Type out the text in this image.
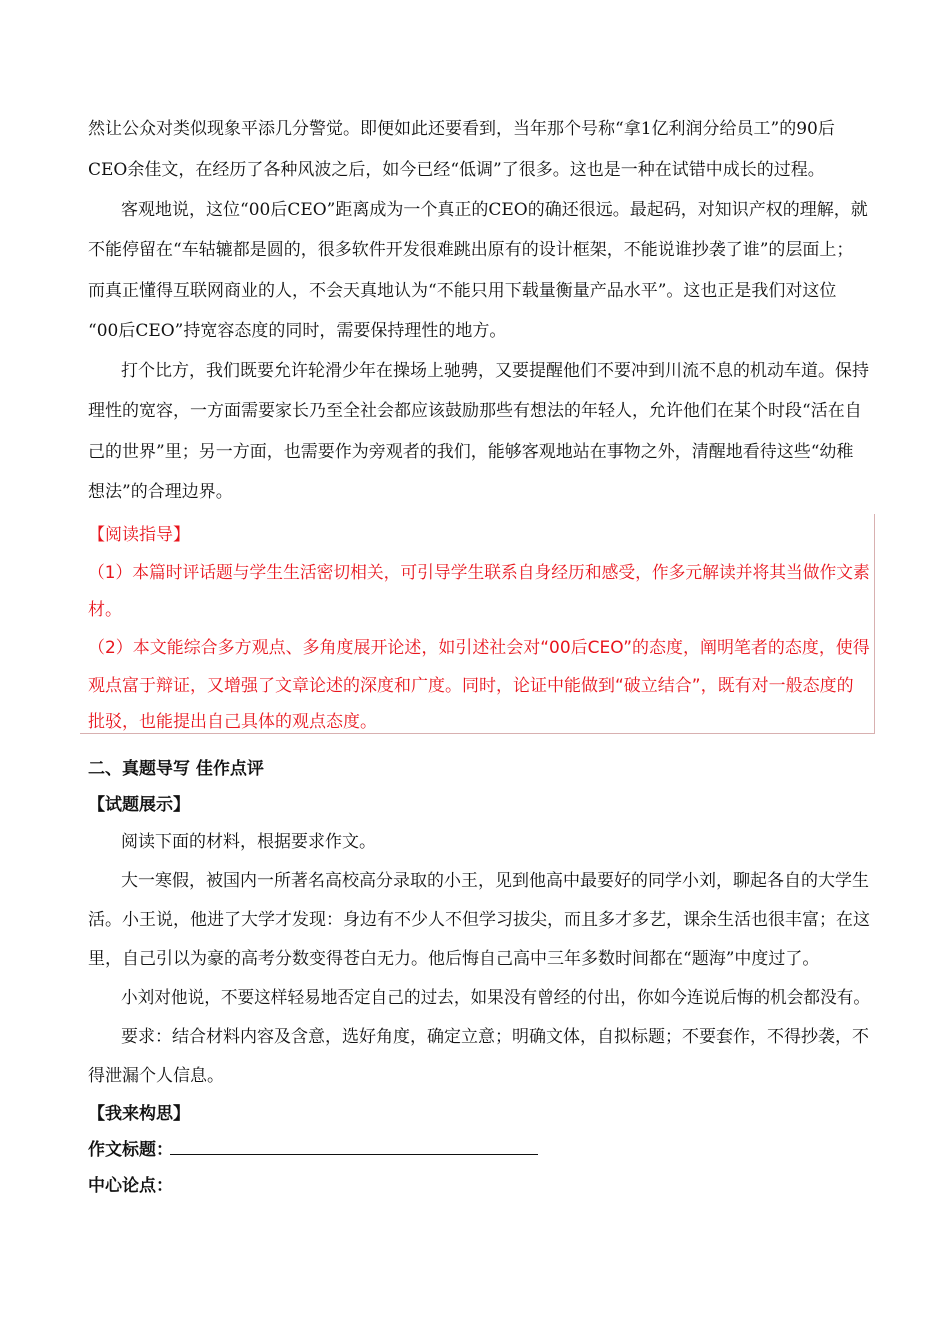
然让公众对类似现象平添几分警觉。即便如此还要看到，当年那个号称“拿1亿利润分给员工”的90后
CEO余佳文，在经历了各种风波之后，如今已经“低调”了很多。这也是一种在试错中成长的过程。
客观地说，这位“00后CEO”距离成为一个真正的CEO的确还很远。最起码，对知识产权的理解，就
不能停留在“车轱辘都是圆的，很多软件开发很难跳出原有的设计框架，不能说谁抄袭了谁”的层面上；
而真正懂得互联网商业的人，不会天真地认为“不能只用下载量衡量产品水平”。这也正是我们对这位
“00后CEO”持宽容态度的同时，需要保持理性的地方。
打个比方，我们既要允许轮滑少年在操场上驰骋，又要提醒他们不要冲到川流不息的机动车道。保持
理性的宽容，一方面需要家长乃至全社会都应该鼓励那些有想法的年轻人，允许他们在某个时段“活在自
己的世界”里；另一方面，也需要作为旁观者的我们，能够客观地站在事物之外，清醒地看待这些“幼稚
想法”的合理边界。
【阅读指导】
（1）本篇时评话题与学生生活密切相关，可引导学生联系自身经历和感受，作多元解读并将其当做作文素
材。
（2）本文能综合多方观点、多角度展开论述，如引述社会对“00后CEO”的态度，阐明笔者的态度，使得
观点富于辩证，又增强了文章论述的深度和广度。同时，论证中能做到“破立结合”，既有对一般态度的
批驳，也能提出自己具体的观点态度。
二、真题导写 佳作点评
【试题展示】
阅读下面的材料，根据要求作文。
大一寒假，被国内一所著名高校高分录取的小王，见到他高中最要好的同学小刘，聊起各自的大学生
活。小王说，他进了大学才发现：身边有不少人不但学习拔尖，而且多才多艺，课余生活也很丰富；在这
里，自己引以为豪的高考分数变得苍白无力。他后悔自己高中三年多数时间都在“题海”中度过了。
小刘对他说，不要这样轻易地否定自己的过去，如果没有曾经的付出，你如今连说后悔的机会都没有。
要求：结合材料内容及含意，选好角度，确定立意；明确文体，自拟标题；不要套作，不得抄袭，不
得泄漏个人信息。
【我来构思】
作文标题：
中心论点：
